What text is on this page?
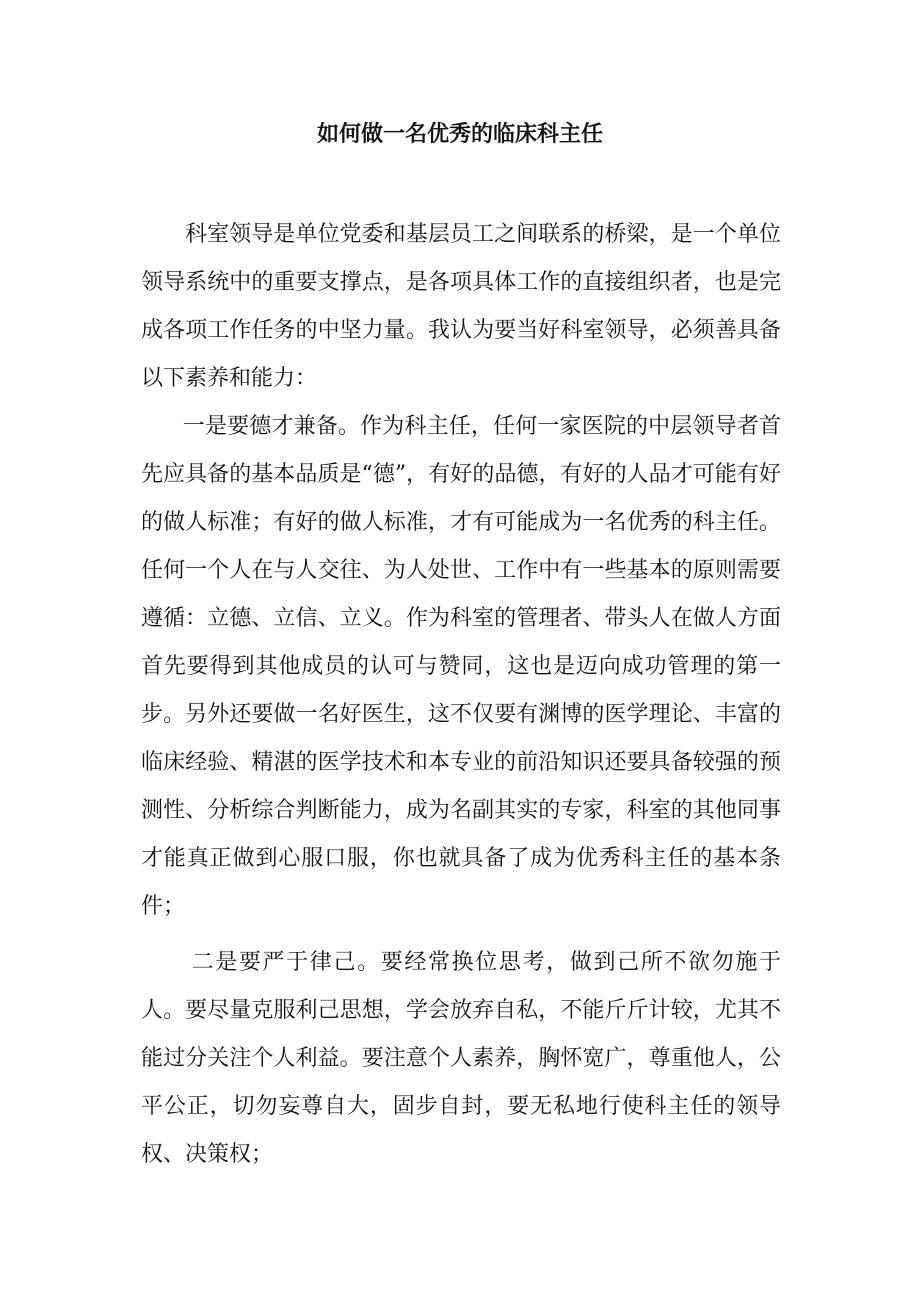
如何做一名优秀的临床科主任

科室领导是单位党委和基层员工之间联系的桥梁，是一个单位领导系统中的重要支撑点，是各项具体工作的直接组织者，也是完成各项工作任务的中坚力量。我认为要当好科室领导，必须善具备以下素养和能力：

一是要德才兼备。作为科主任，任何一家医院的中层领导者首先应具备的基本品质是“德”，有好的品德，有好的人品才可能有好的做人标准；有好的做人标准，才有可能成为一名优秀的科主任。任何一个人在与人交往、为人处世、工作中有一些基本的原则需要遵循：立德、立信、立义。作为科室的管理者、带头人在做人方面首先要得到其他成员的认可与赞同，这也是迈向成功管理的第一步。另外还要做一名好医生，这不仅要有渊博的医学理论、丰富的临床经验、精湛的医学技术和本专业的前沿知识还要具备较强的预测性、分析综合判断能力，成为名副其实的专家，科室的其他同事才能真正做到心服口服，你也就具备了成为优秀科主任的基本条件；

二是要严于律己。要经常换位思考，做到己所不欲勿施于人。要尽量克服利己思想，学会放弃自私，不能斤斤计较，尤其不能过分关注个人利益。要注意个人素养，胸怀宽广，尊重他人，公平公正，切勿妄尊自大，固步自封，要无私地行使科主任的领导权、决策权；
